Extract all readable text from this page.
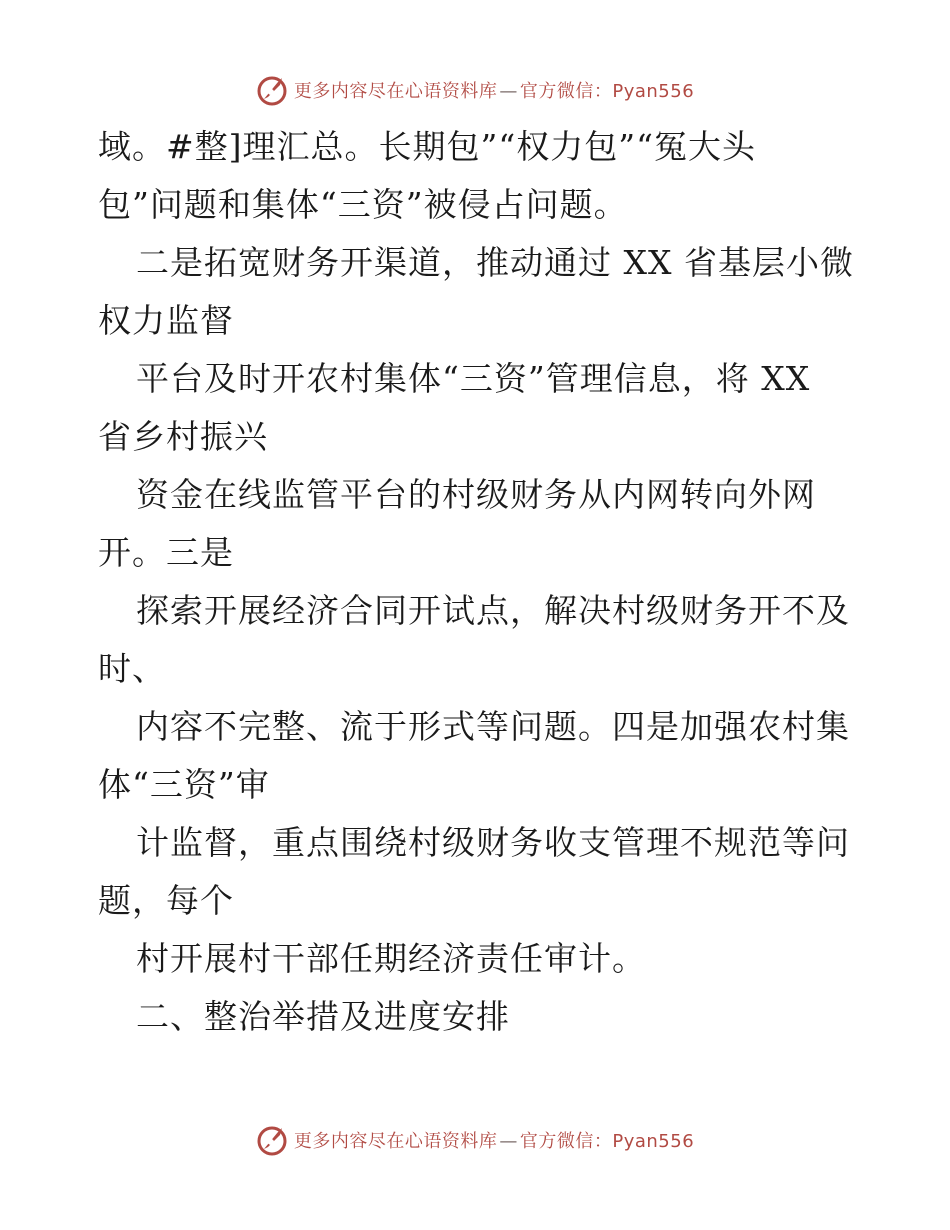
更多内容尽在心语资料库 — 官方微信：Pyan556
域。#整]理汇总。长期包”“权力包”“冤大头
包”问题和集体“三资”被侵占问题。
二是拓宽财务开渠道，推动通过 XX 省基层小微
权力监督
平台及时开农村集体“三资”管理信息，将 XX
省乡村振兴
资金在线监管平台的村级财务从内网转向外网
开。三是
探索开展经济合同开试点，解决村级财务开不及
时、
内容不完整、流于形式等问题。四是加强农村集
体“三资”审
计监督，重点围绕村级财务收支管理不规范等问
题，每个
村开展村干部任期经济责任审计。
二、整治举措及进度安排
更多内容尽在心语资料库 — 官方微信：Pyan556
